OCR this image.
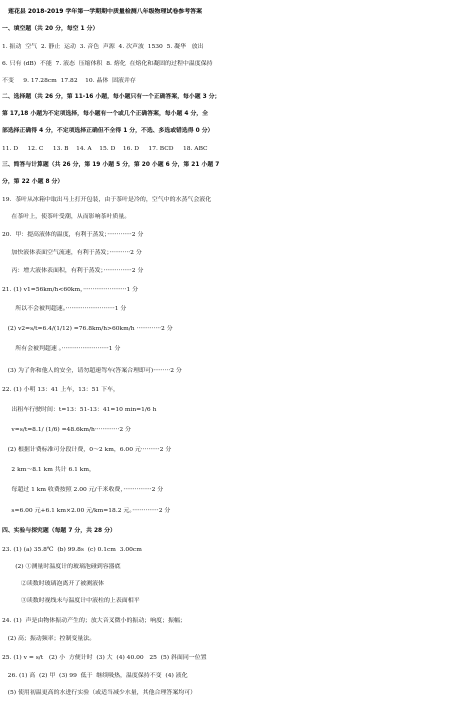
莲花县 2018-2019 学年第一学期期中质量检测八年级物理试卷参考答案
一、填空题（共 20 分，每空 1 分）
1. 振动  空气  2. 静止  运动  3. 音色  声源  4. 次声波  1530  5. 凝华   放出
6. 只有 (dB)  不能  7. 液态  压缩体积  8. 熔化  在熔化和凝固的过程中温度保持
不变     9. 17.28cm  17.82    10. 晶体  固液并存
二、选择题（共 26 分，第 11-16 小题，每小题只有一个正确答案，每小题 3 分；
第 17,18 小题为不定项选择，每小题有一个或几个正确答案，每小题 4 分，全
部选择正确得 4 分，不定项选择正确但不全得 1 分，不选、多选或错选得 0 分）
11. D     12. C     13. B    14. A    15. D    16. D     17. BCD     18. ABC
三、简答与计算题（共 26 分，第 19 小题 5 分，第 20 小题 6 分，第 21 小题 7
分，第 22 小题 8 分）
19.  茶叶从冰箱中取出马上打开包装，由于茶叶是冷的，空气中的水蒸气会液化
在茶叶上，使茶叶受潮，从而影响茶叶质量。
20.  甲：提高液体的温度，有利于蒸发；·············2 分
加快液体表面空气流速，有利于蒸发；···········2 分
丙：增大液体表面积，有利于蒸发；···············2 分
21. (1) v1=56km/h<60km，·······················1 分
所以不会被判超速。··························1 分
(2) v2=s/t=6.4/(1/12) =76.8km/h>60km/h ·············2 分
所有会被判超速 。·························1 分
(3) 为了你和他人的安全，请勿超速驾车(答案合理即可)·········2 分
22. (1) 小明 13：41 上车，13：51 下车，
出租车行驶时间：t=13：51-13：41=10 min=1/6 h
v=s/t=8.1/ (1/6) =48.6km/h·············2 分
(2) 根据计费标准可分段计费，0～2 km，6.00 元··········2 分
2 km～8.1 km 共计 6.1 km，
每超过 1 km 收费按照 2.00 元/千米收费，···············2 分
s=6.00 元+6.1 km×2.00 元/km=18.2 元。··············2 分
四、实验与探究题（每题 7 分，共 28 分）
23. (1) (a) 35.8℃  (b) 99.8s  (c) 0.1cm  3.00cm
(2) ①测量时温度计的玻璃泡碰到容器底
②读数时玻璃泡离开了被测液体
③读数时视线未与温度计中液柱的上表面相平
24. (1)  声是由物体振动产生的；放大音叉微小的振动；响度；振幅；
(2) 高；振动频率；控制变量法。
25. (1) v = s/t   (2) 小  方便计时  (3) 大  (4) 40.00   25  (5) 斜面同一位置
26. (1) 高  (2) 甲  (3) 99  低于  继续吸热，温度保持不变  (4) 液化
(5) 使用初温更高的水进行实验（或适当减少水量，其他合理答案均可）
